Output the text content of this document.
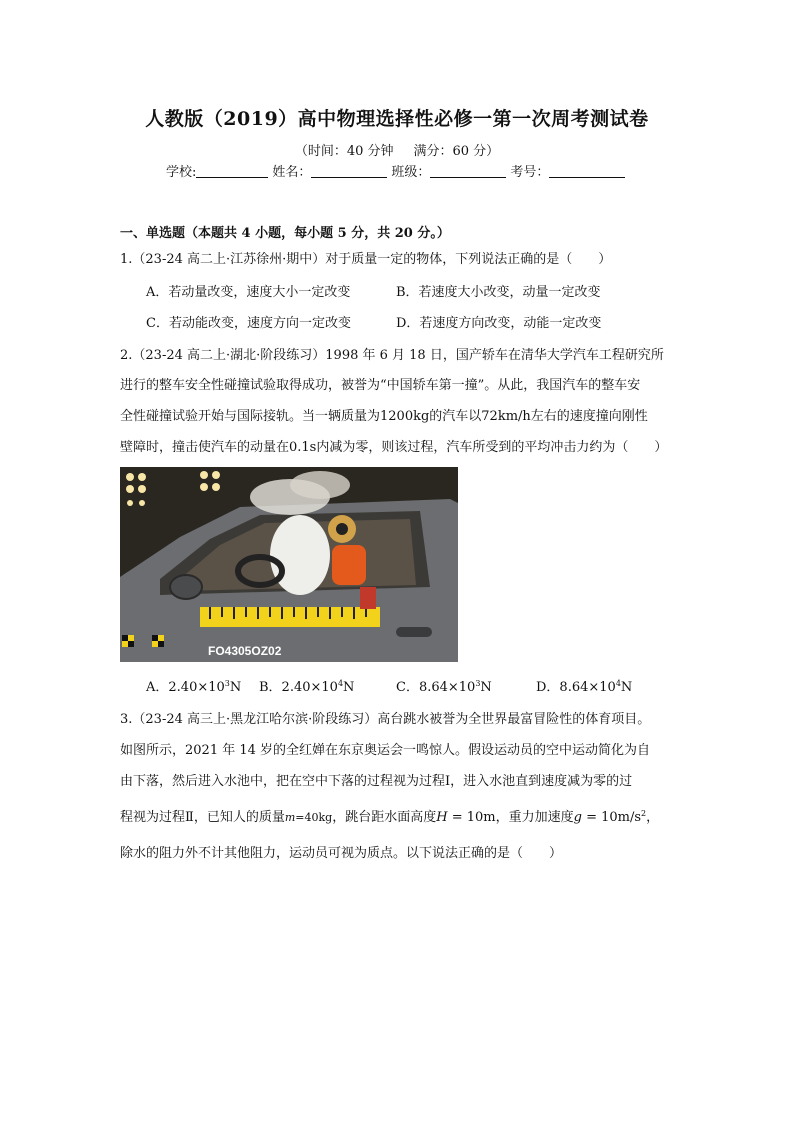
人教版（2019）高中物理选择性必修一第一次周考测试卷
（时间：40 分钟 满分：60 分）
学校:	姓名：	班级：	考号：
一、单选题（本题共 4 小题，每小题 5 分，共 20 分。）
1.（23-24 高二上·江苏徐州·期中）对于质量一定的物体，下列说法正确的是（　　）
A．若动量改变，速度大小一定改变	B．若速度大小改变，动量一定改变
C．若动能改变，速度方向一定改变	D．若速度方向改变，动能一定改变
2.（23-24 高二上·湖北·阶段练习）1998 年 6 月 18 日，国产轿车在清华大学汽车工程研究所
进行的整车安全性碰撞试验取得成功，被誉为“中国轿车第一撞”。从此，我国汽车的整车安
全性碰撞试验开始与国际接轨。当一辆质量为1200kg的汽车以72km/h左右的速度撞向刚性
壁障时，撞击使汽车的动量在0.1s内减为零，则该过程，汽车所受到的平均冲击力约为（　　）
FO4305OZ02
A．$2.40\times 10^3N$ B．$2.40\times 10^4N$	C．$8.64\times 10^3N$	D．$8.64\times 10^4N$
3.（23-24 高三上·黑龙江哈尔滨·阶段练习）高台跳水被誉为全世界最富冒险性的体育项目。
如图所示，2021 年 14 岁的全红婵在东京奥运会一鸣惊人。假设运动员的空中运动简化为自
由下落，然后进入水池中，把在空中下落的过程视为过程Ⅰ，进入水池直到速度减为零的过
程视为过程Ⅱ，已知人的质量m=40kg，跳台距水面高度H = 10m，重力加速度$g = 10m/s^2$，
除水的阻力外不计其他阻力，运动员可视为质点。以下说法正确的是（　　）
